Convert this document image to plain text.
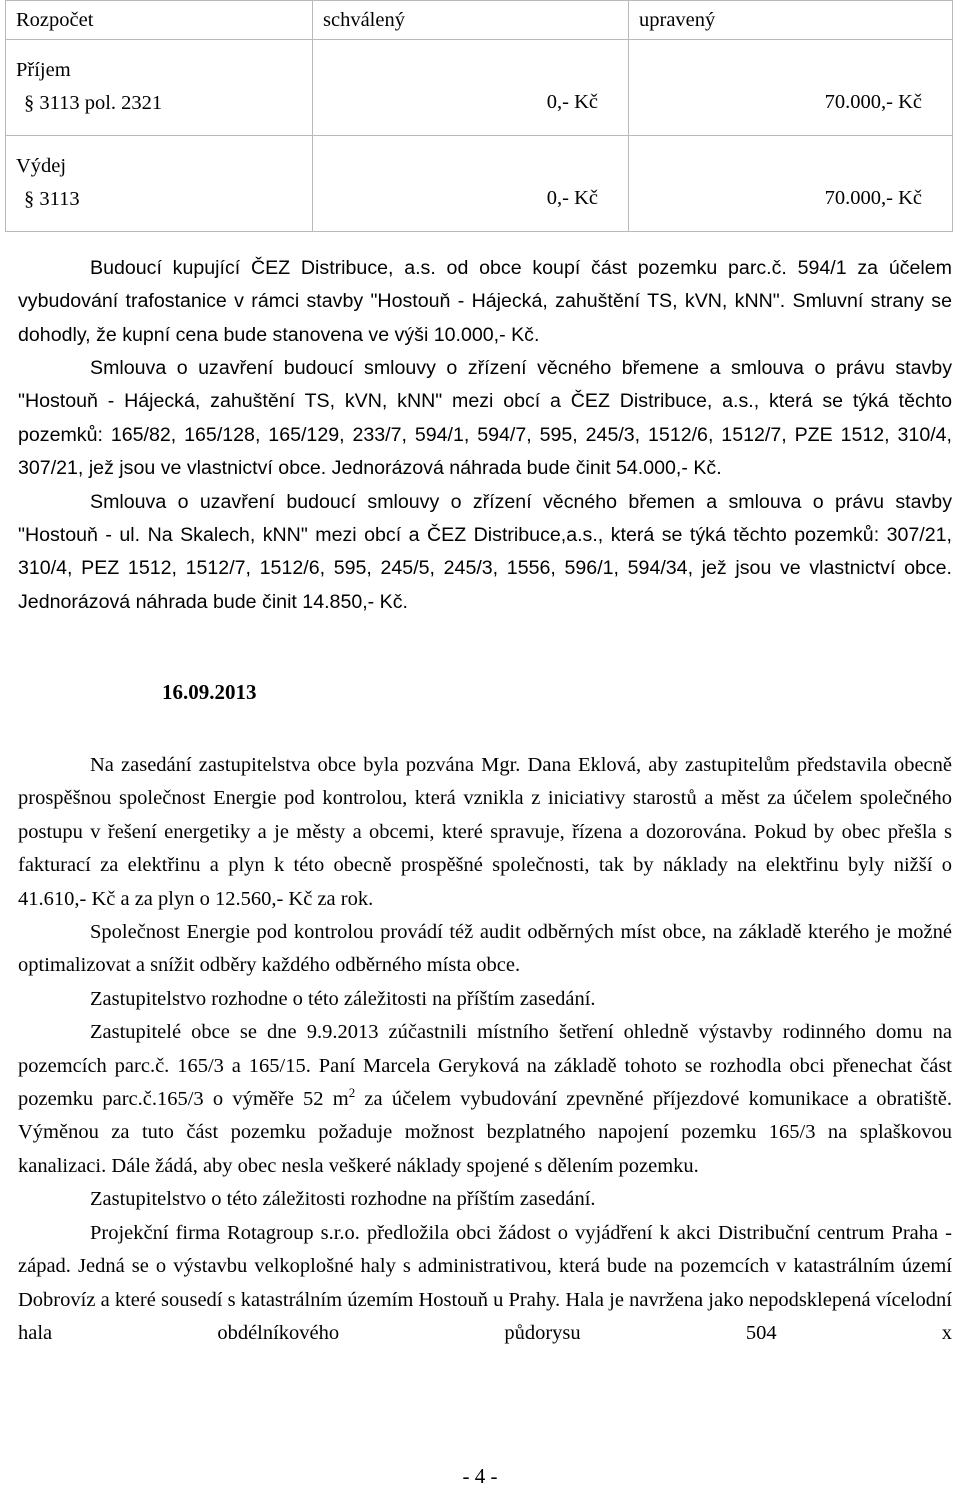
Rozpočet	schválený	upravený

Příjem
§ 3113 pol. 2321	0,- Kč	70.000,- Kč

Výdej
§ 3113	0,- Kč	70.000,- Kč

Budoucí kupující ČEZ Distribuce, a.s. od obce koupí část pozemku parc.č. 594/1 za účelem vybudování trafostanice v rámci stavby "Hostouň - Hájecká, zahuštění TS, kVN, kNN". Smluvní strany se dohodly, že kupní cena bude stanovena ve výši 10.000,- Kč.

Smlouva o uzavření budoucí smlouvy o zřízení věcného břemene a smlouva o právu stavby "Hostouň - Hájecká, zahuštění TS, kVN, kNN" mezi obcí a ČEZ Distribuce, a.s., která se týká těchto pozemků: 165/82, 165/128, 165/129, 233/7, 594/1, 594/7, 595, 245/3, 1512/6, 1512/7, PZE 1512, 310/4, 307/21, jež jsou ve vlastnictví obce. Jednorázová náhrada bude činit 54.000,- Kč.

Smlouva o uzavření budoucí smlouvy o zřízení věcného břemen a smlouva o právu stavby "Hostouň - ul. Na Skalech, kNN" mezi obcí a ČEZ Distribuce,a.s., která se týká těchto pozemků: 307/21, 310/4, PEZ 1512, 1512/7, 1512/6, 595, 245/5, 245/3, 1556, 596/1, 594/34, jež jsou ve vlastnictví obce. Jednorázová náhrada bude činit 14.850,- Kč.

16.09.2013

Na zasedání zastupitelstva obce byla pozvána Mgr. Dana Eklová, aby zastupitelům představila obecně prospěšnou společnost Energie pod kontrolou, která vznikla z iniciativy starostů a měst za účelem společného postupu v řešení energetiky a je městy a obcemi, které spravuje, řízena a dozorována. Pokud by obec přešla s fakturací za elektřinu a plyn k této obecně prospěšné společnosti, tak by náklady na elektřinu byly nižší o 41.610,- Kč a za plyn o 12.560,- Kč za rok.

Společnost Energie pod kontrolou provádí též audit odběrných míst obce, na základě kterého je možné optimalizovat a snížit odběry každého odběrného místa obce.

Zastupitelstvo rozhodne o této záležitosti na příštím zasedání.

Zastupitelé obce se dne 9.9.2013 zúčastnili místního šetření ohledně výstavby rodinného domu na pozemcích parc.č. 165/3 a 165/15. Paní Marcela Geryková na základě tohoto se rozhodla obci přenechat část pozemku parc.č.165/3 o výměře 52 $m^2$ za účelem vybudování zpevněné příjezdové komunikace a obratiště. Výměnou za tuto část pozemku požaduje možnost bezplatného napojení pozemku 165/3 na splaškovou kanalizaci. Dále žádá, aby obec nesla veškeré náklady spojené s dělením pozemku.

Zastupitelstvo o této záležitosti rozhodne na příštím zasedání.

Projekční firma Rotagroup s.r.o. předložila obci žádost o vyjádření k akci Distribuční centrum Praha - západ. Jedná se o výstavbu velkoplošné haly s administrativou, která bude na pozemcích v katastrálním území Dobrovíz a které sousedí s katastrálním územím Hostouň u Prahy. Hala je navržena jako nepodsklepená vícelodní hala obdélníkového půdorysu 504 x

- 4 -
